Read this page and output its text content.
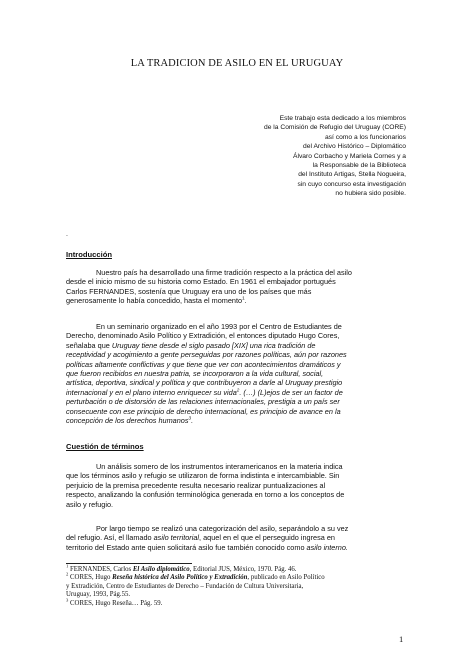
LA TRADICION DE ASILO EN EL URUGUAY
Este trabajo esta dedicado a los miembros
de la Comisión de Refugio del Uruguay (CORE)
así como a los funcionarios
del Archivo Histórico – Diplomático
Álvaro Corbacho y Mariela Cornes y a
la Responsable de la Biblioteca
del Instituto Artigas, Stella Nogueira,
sin cuyo concurso esta investigación
no hubiera sido posible.
.
Introducción
Nuestro país ha desarrollado una firme tradición respecto a la práctica del asilo
desde el inicio mismo de su historia como Estado. En 1961 el embajador portugués
Carlos FERNANDES, sostenía que Uruguay era uno de los países que más
generosamente lo había concedido, hasta el momento$^1$.
En un seminario organizado en el año 1993 por el Centro de Estudiantes de
Derecho, denominado Asilo Político y Extradición, el entonces diputado Hugo Cores,
señalaba que Uruguay tiene desde el siglo pasado [XIX] una rica tradición de
receptividad y acogimiento a gente perseguidas por razones políticas, aún por razones
políticas altamente conflictivas y que tiene que ver con acontecimientos dramáticos y
que fueron recibidos en nuestra patria, se incorporaron a la vida cultural, social,
artística, deportiva, sindical y política y que contribuyeron a darle al Uruguay prestigio
internacional y en el plano interno enriquecer su vida$^2$. (…) (L)ejos de ser un factor de
perturbación o de distorsión de las relaciones internacionales, prestigia a un país ser
consecuente con ese principio de derecho internacional, es principio de avance en la
concepción de los derechos humanos$^3$.
Cuestión de términos
Un análisis somero de los instrumentos interamericanos en la materia indica
que los términos asilo y refugio se utilizaron de forma indistinta e intercambiable. Sin
perjuicio de la premisa precedente resulta necesario realizar puntualizaciones al
respecto, analizando la confusión terminológica generada en torno a los conceptos de
asilo y refugio.
Por largo tiempo se realizó una categorización del asilo, separándolo a su vez
del refugio. Así, el llamado asilo territorial, aquel en el que el perseguido ingresa en
territorio del Estado ante quien solicitará asilo fue también conocido como asilo interno.
$^1$ FERNANDES, Carlos El Asilo diplomático, Editorial JUS, México, 1970. Pág. 46.
$^2$ CORES, Hugo Reseña histórica del Asilo Político y Extradición, publicado en Asilo Político
y Extradición, Centro de Estudiantes de Derecho – Fundación de Cultura Universitaria,
Uruguay, 1993, Pág.55.
$^3$ CORES, Hugo Reseña… Pág. 59.
1
